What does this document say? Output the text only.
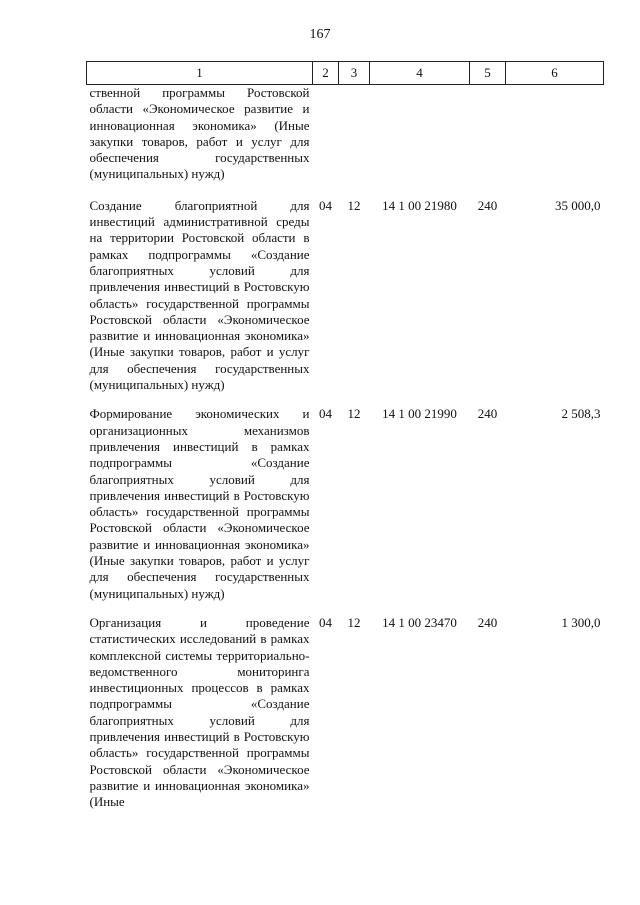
167
1	2	3	4	5	6
ственной программы Ростовской области «Экономическое развитие и инновационная экономика» (Иные закупки товаров, работ и услуг для обеспечения государственных (муниципальных) нужд)					
Создание благоприятной для инвестиций административной среды на территории Ростовской области в рамках подпрограммы «Создание благоприятных условий для привлечения инвестиций в Ростовскую область» государственной программы Ростовской области «Экономическое развитие и инновационная экономика» (Иные закупки товаров, работ и услуг для обеспечения государственных (муниципальных) нужд)	04	12	14 1 00 21980	240	35 000,0
Формирование экономических и организационных механизмов привлечения инвестиций в рамках подпрограммы «Создание благоприятных условий для привлечения инвестиций в Ростовскую область» государственной программы Ростовской области «Экономическое развитие и инновационная экономика» (Иные закупки товаров, работ и услуг для обеспечения государственных (муниципальных) нужд)	04	12	14 1 00 21990	240	2 508,3
Организация и проведение статистических исследований в рамках комплексной системы территориально-ведомственного мониторинга инвестиционных процессов в рамках подпрограммы «Создание благоприятных условий для привлечения инвестиций в Ростовскую область» государственной программы Ростовской области «Экономическое развитие и инновационная экономика» (Иные	04	12	14 1 00 23470	240	1 300,0
